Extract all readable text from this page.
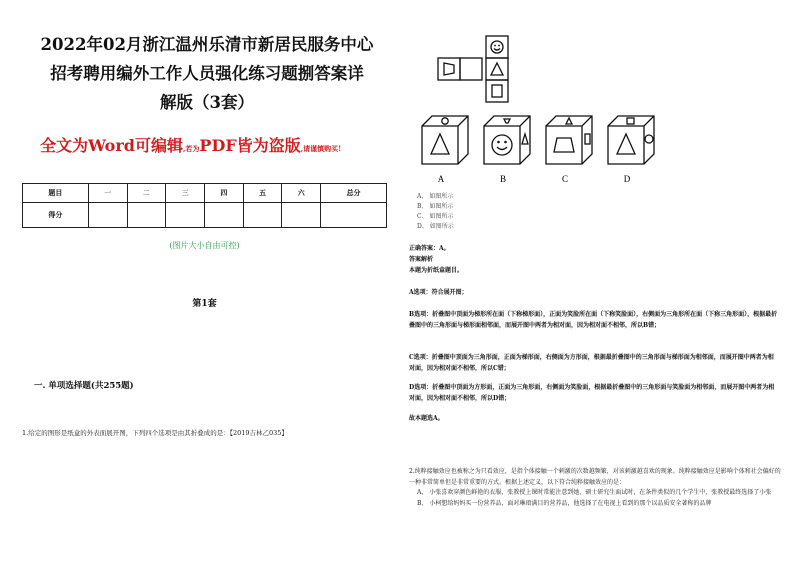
2022年02月浙江温州乐清市新居民服务中心
招考聘用编外工作人员强化练习题捌答案详
解版（3套）
全文为Word可编辑,若为PDF皆为盗版,请谨慎购买!
题目	一	二	三	四	五	六	总分
得分							
(图片大小自由可控)
第1套
一. 单项选择题(共255题)
1.给定的图形是纸盒的外表面展开图，下列四个选项是由其折叠成的是：【2019吉林乙035】
A	B	C	D
A、 如图所示
B、 如图所示
C、 如图所示
D、 如图所示
正确答案：A。
答案解析
本题为折纸盒题目。
A选项：符合展开图；
B选项：折叠图中顶面为梯形所在面（下称梯形面），正面为笑脸所在面（下称笑脸面），右侧面为三角形所在面（下称三角形面），根据最折叠图中的三角形面与梯形面相邻面，而展开图中两者为相对面，因为相对面不相邻，所以B错；
C选项：折叠图中顶面为三角形面，正面为梯形面，右侧面为方形面，根据最折叠图中的三角形面与梯形面为相邻面，而展开图中两者为相对面，因为相对面不相邻，所以C错；
D选项：折叠图中顶面为方形面，正面为三角形面，右侧面为笑脸面，根据最折叠图中的三角形面与笑脸面为相邻面，而展开图中两者为相对面，因为相对面不相邻，所以D错；
故本题选A。
2.纯粹接触效应也被称之为只看效应，是指个体接触一个刺激的次数越频繁，对该刺激越喜欢的现象。纯粹接触效应是影响个体和社会偏好的一种非常简单但是非常重要的方式。根据上述定义，以下符合纯粹接触效应的是：
A、 小张喜欢穿颜色鲜艳的衣服，张教授上课时常能注意到她，硕士研究生面试时，在条件类似的几个学生中，张教授最终选择了小张
B、 小柯想给妈妈买一份营养品，面对琳琅满目的营养品，他选择了在电视上看到的那个以品质安全著称的品牌
